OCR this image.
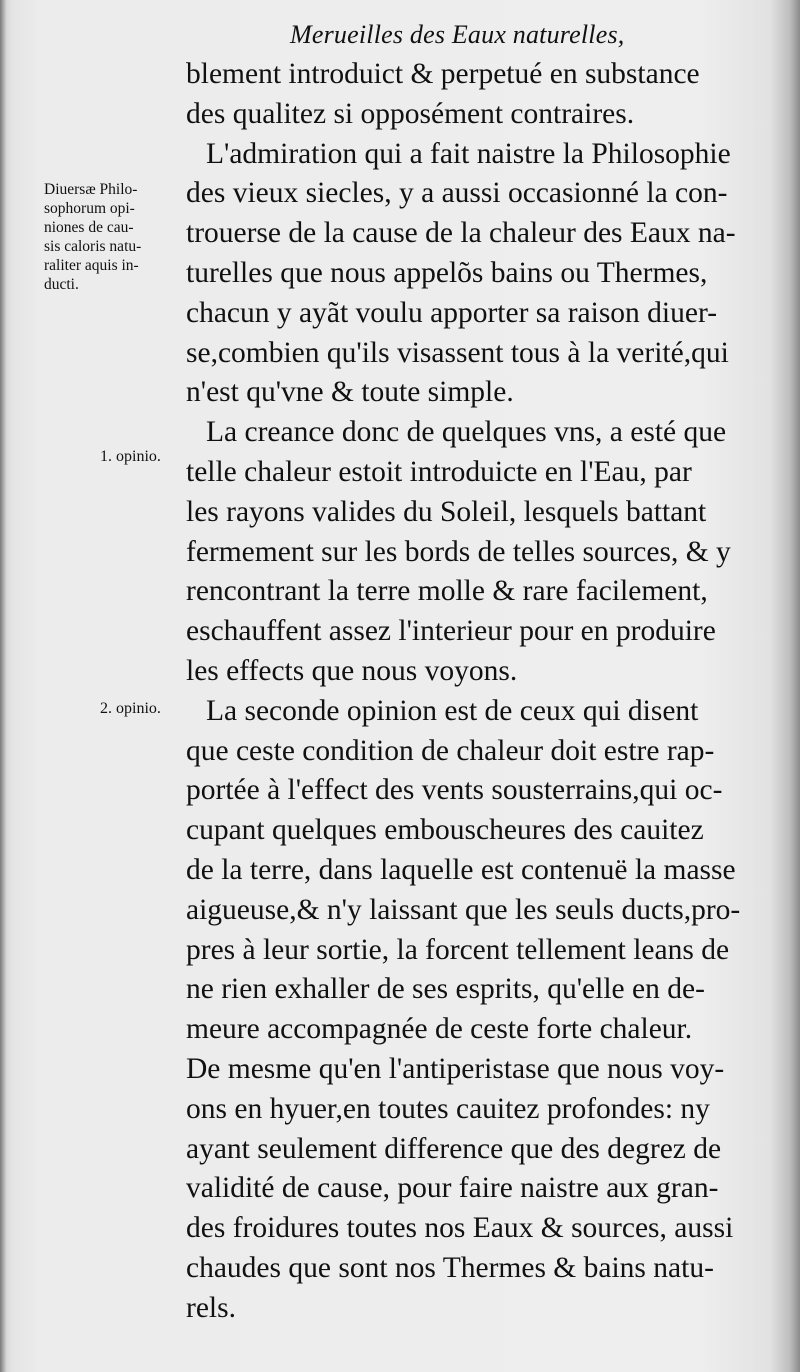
Merueilles des Eaux naturelles,
Diuersæ Philo-
sophorum opi-
niones de cau-
sis caloris natu-
raliter aquis in-
ducti.
1. opinio.
2. opinio.
blement introduict & perpetué en substance
des qualitez si opposément contraires.
L'admiration qui a fait naistre la Philosophie
des vieux siecles, y a aussi occasionné la con-
trouerse de la cause de la chaleur des Eaux na-
turelles que nous appelõs bains ou Thermes,
chacun y ayãt voulu apporter sa raison diuer-
se,combien qu'ils visassent tous à la verité,qui
n'est qu'vne & toute simple.
La creance donc de quelques vns, a esté que
telle chaleur estoit introduicte en l'Eau, par
les rayons valides du Soleil, lesquels battant
fermement sur les bords de telles sources, & y
rencontrant la terre molle & rare facilement,
eschauffent assez l'interieur pour en produire
les effects que nous voyons.
La seconde opinion est de ceux qui disent
que ceste condition de chaleur doit estre rap-
portée à l'effect des vents sousterrains,qui oc-
cupant quelques embouscheures des cauitez
de la terre, dans laquelle est contenuë la masse
aigueuse,& n'y laissant que les seuls ducts,pro-
pres à leur sortie, la forcent tellement leans de
ne rien exhaller de ses esprits, qu'elle en de-
meure accompagnée de ceste forte chaleur.
De mesme qu'en l'antiperistase que nous voy-
ons en hyuer,en toutes cauitez profondes: ny
ayant seulement difference que des degrez de
validité de cause, pour faire naistre aux gran-
des froidures toutes nos Eaux & sources, aussi
chaudes que sont nos Thermes & bains natu-
rels.
